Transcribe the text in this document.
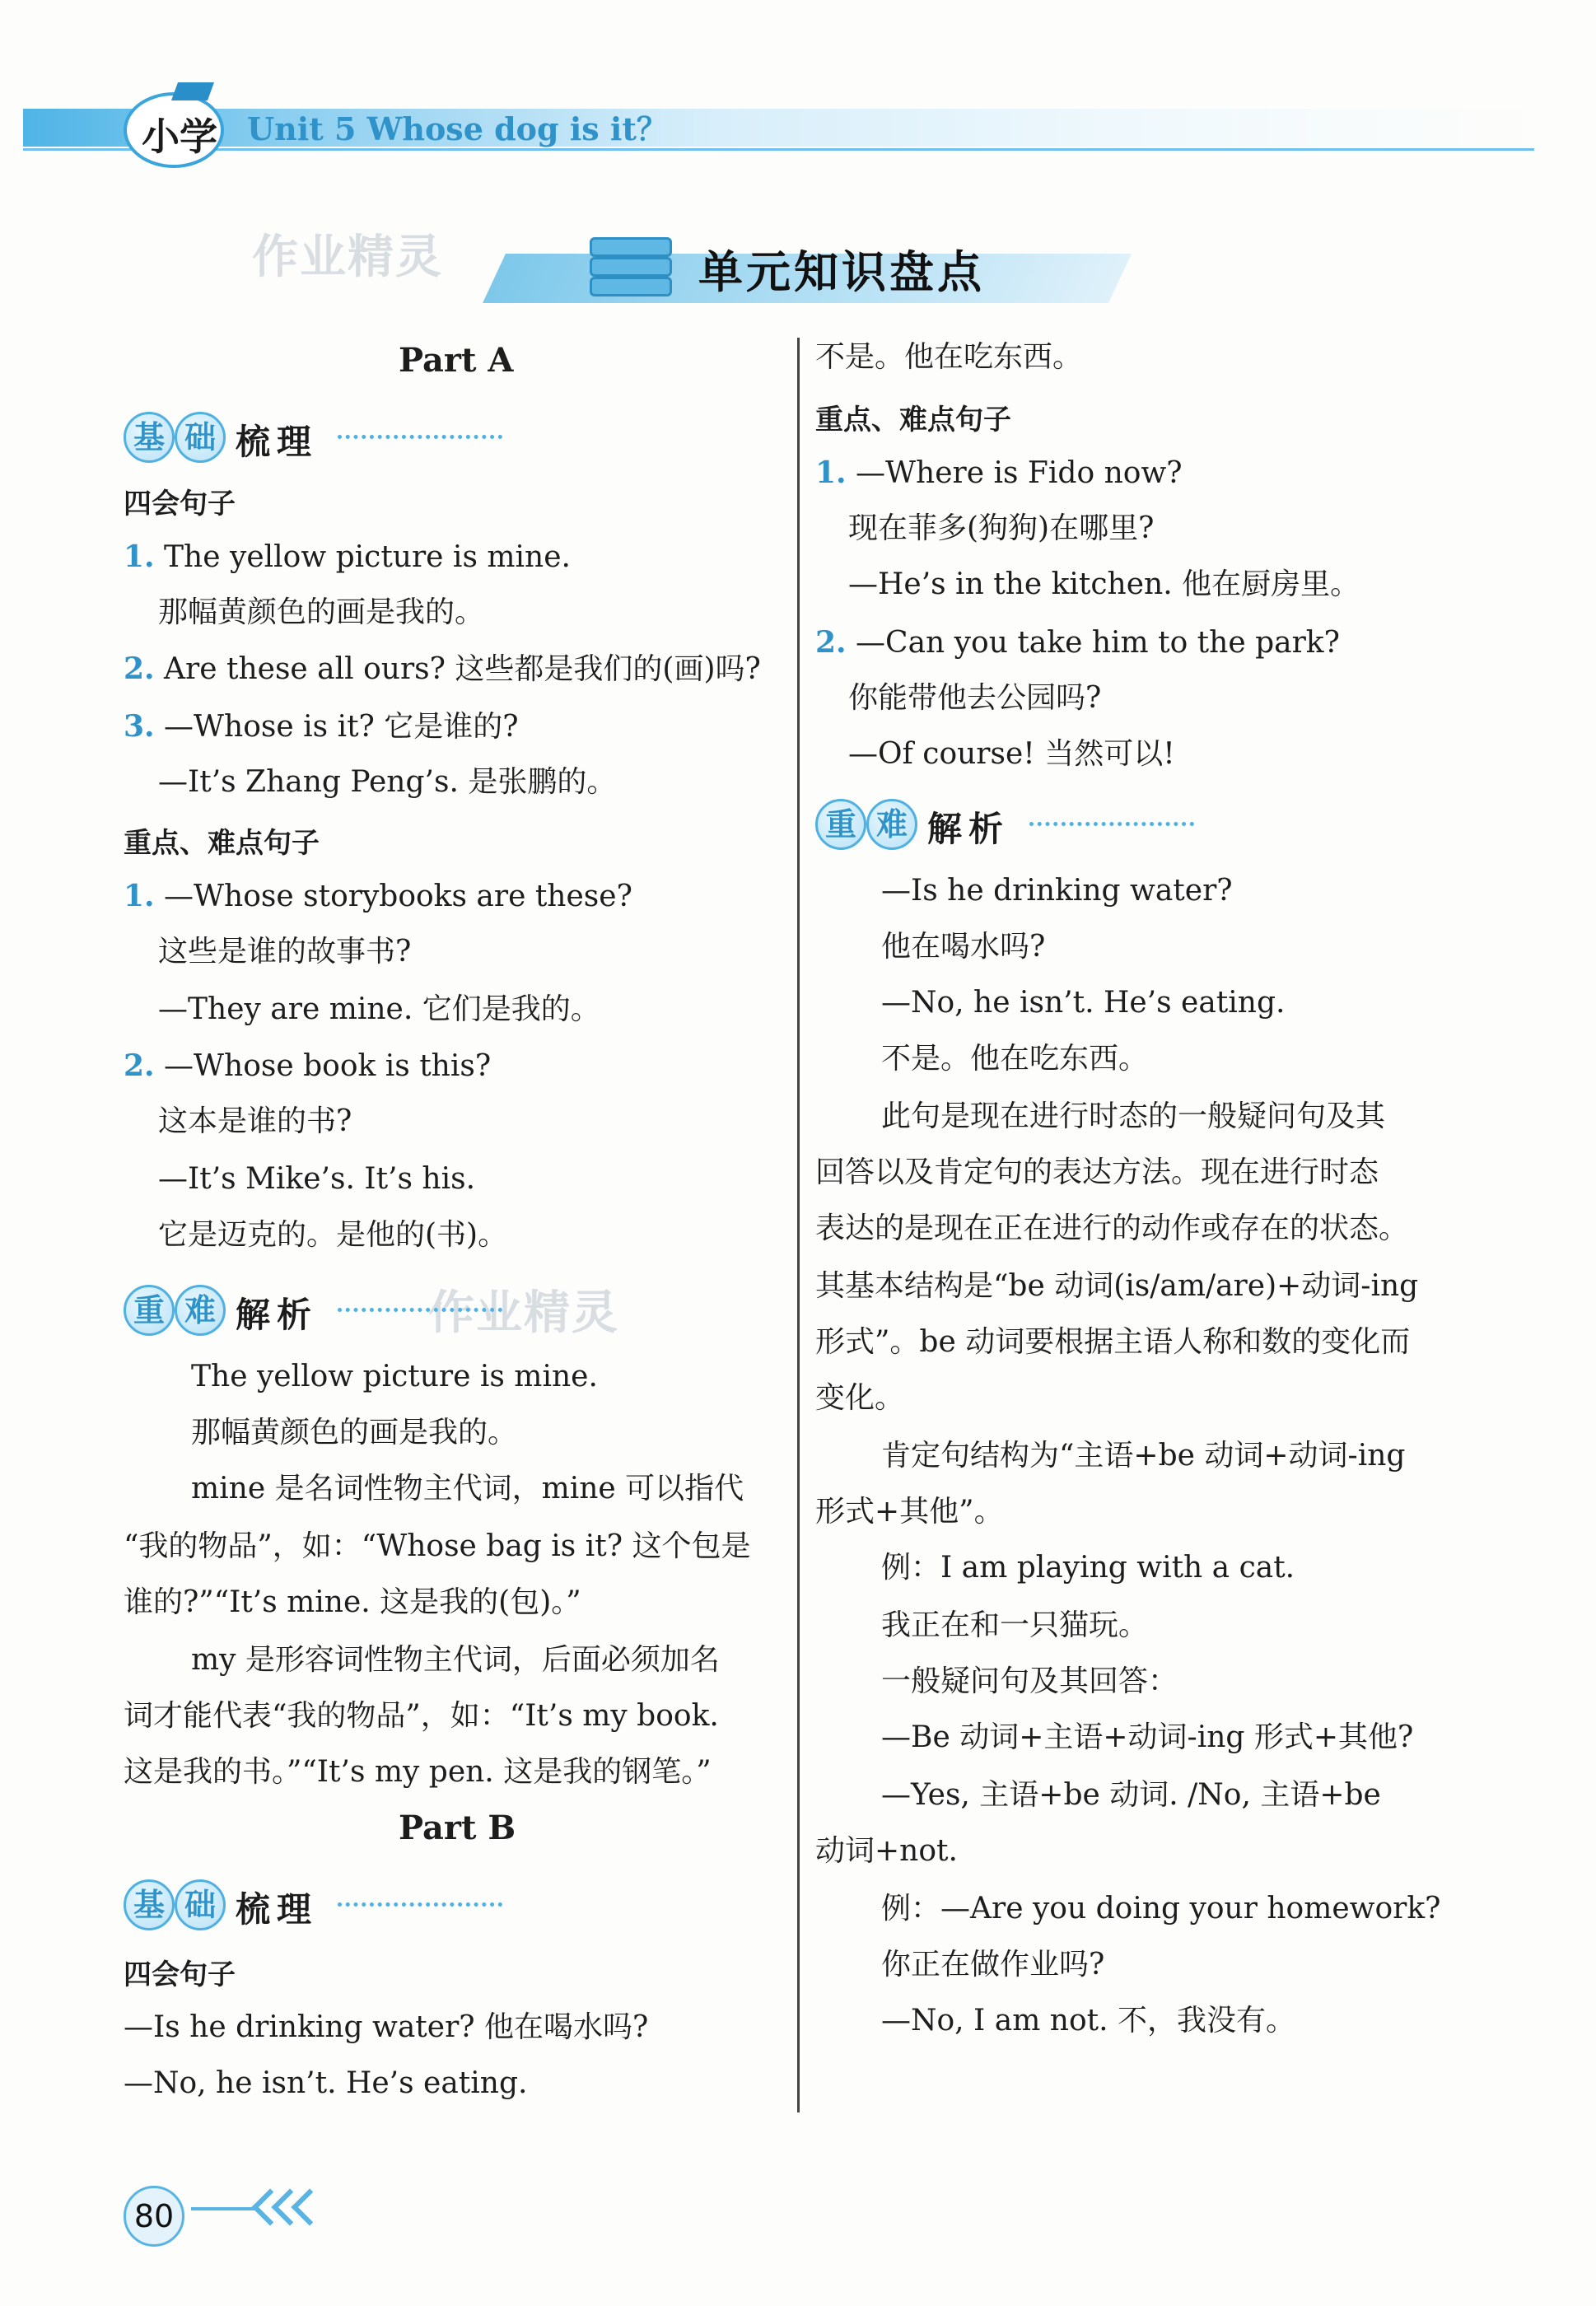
小学 Unit 5 Whose dog is it？
作业精灵
作业精灵
单元知识盘点
Part A
基 础 梳理
四会句子
1. The yellow picture is mine.
那幅黄颜色的画是我的。
2. Are these all ours? 这些都是我们的(画)吗?
3. —Whose is it? 它是谁的?
—It’s Zhang Peng’s. 是张鹏的。
重点、难点句子
1. —Whose storybooks are these?
这些是谁的故事书?
—They are mine. 它们是我的。
2. —Whose book is this?
这本是谁的书?
—It’s Mike’s. It’s his.
它是迈克的。是他的(书)。
重 难 解析
The yellow picture is mine.
那幅黄颜色的画是我的。
mine 是名词性物主代词，mine 可以指代
“我的物品”，如：“Whose bag is it? 这个包是
谁的?”“It’s mine. 这是我的(包)。”
my 是形容词性物主代词，后面必须加名
词才能代表“我的物品”，如：“It’s my book.
这是我的书。”“It’s my pen. 这是我的钢笔。”
Part B
基 础 梳理
四会句子
—Is he drinking water? 他在喝水吗?
—No, he isn’t. He’s eating.
不是。他在吃东西。
重点、难点句子
1. —Where is Fido now?
现在菲多(狗狗)在哪里?
—He’s in the kitchen. 他在厨房里。
2. —Can you take him to the park?
你能带他去公园吗?
—Of course! 当然可以!
重 难 解析
—Is he drinking water?
他在喝水吗?
—No, he isn’t. He’s eating.
不是。他在吃东西。
此句是现在进行时态的一般疑问句及其
回答以及肯定句的表达方法。现在进行时态
表达的是现在正在进行的动作或存在的状态。
其基本结构是“be 动词(is/am/are)+动词-ing
形式”。be 动词要根据主语人称和数的变化而
变化。
肯定句结构为“主语+be 动词+动词-ing
形式+其他”。
例：I am playing with a cat.
我正在和一只猫玩。
一般疑问句及其回答：
—Be 动词+主语+动词-ing 形式+其他?
—Yes, 主语+be 动词. /No, 主语+be
动词+not.
例：—Are you doing your homework?
你正在做作业吗?
—No, I am not. 不，我没有。
80
